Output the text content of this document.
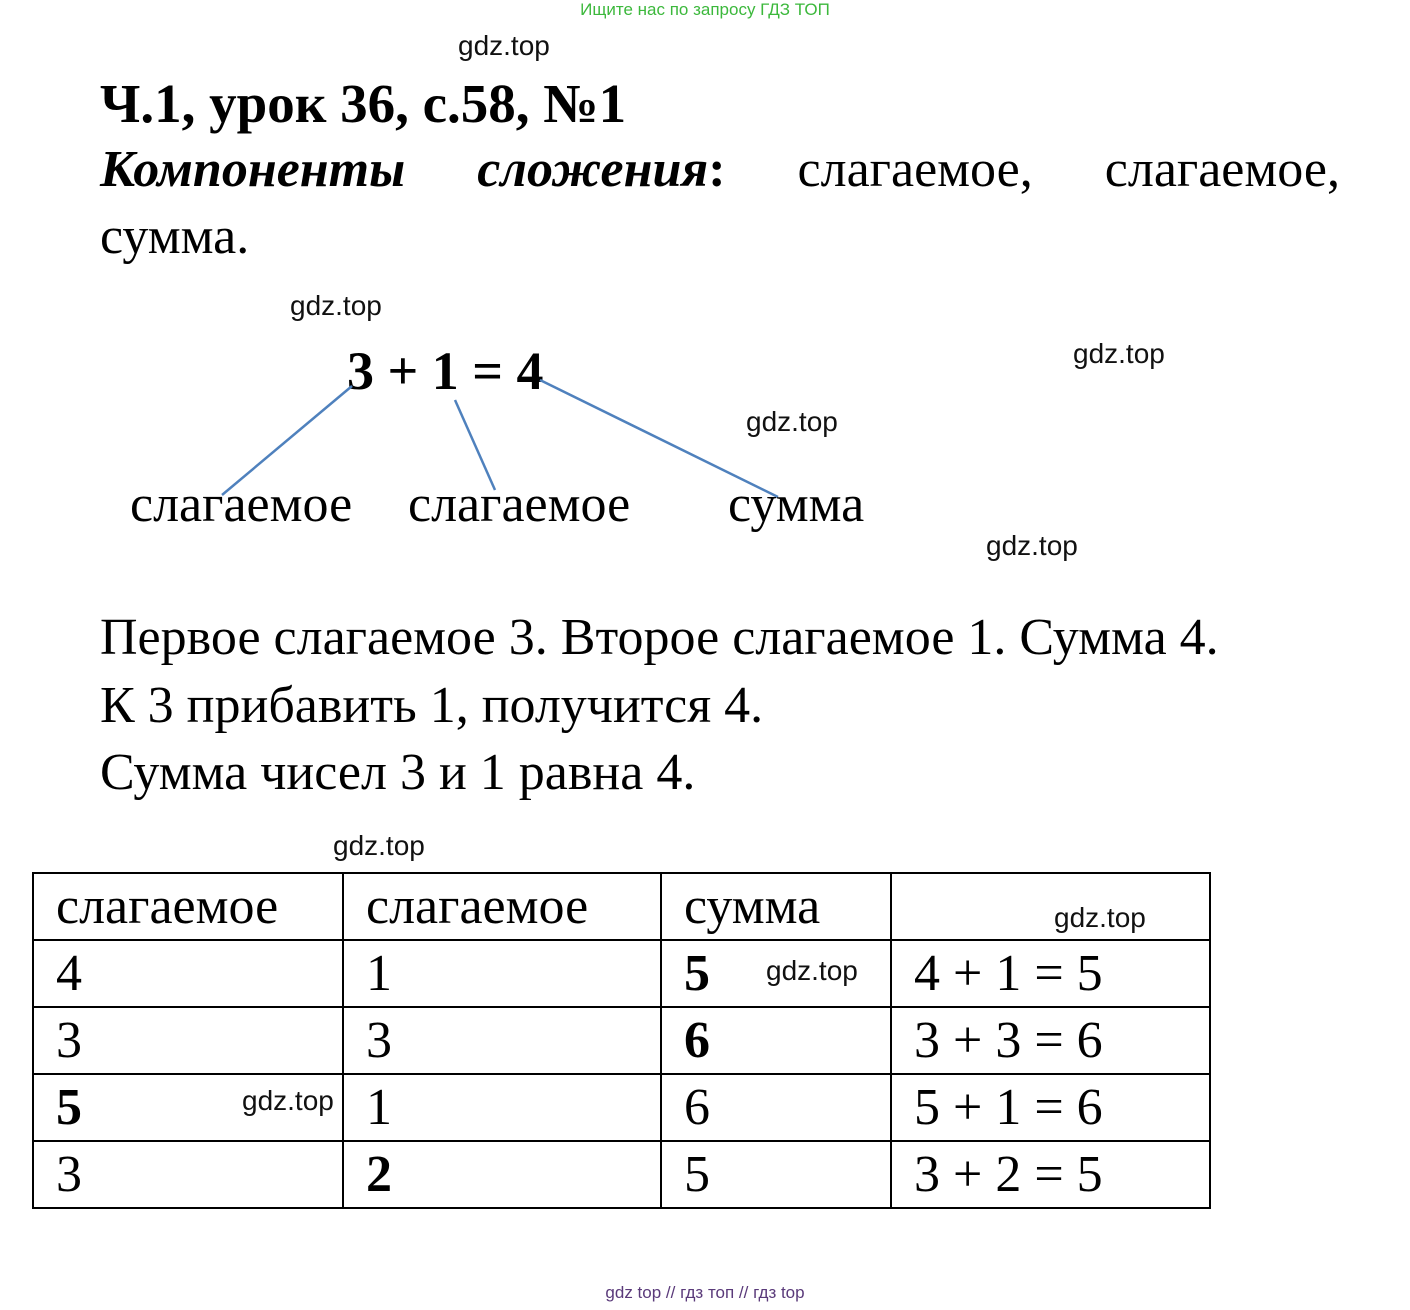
Ищите нас по запросу ГДЗ ТОП
gdz.top
Ч.1, урок 36, с.58, №1
Компоненты сложения: слагаемое, слагаемое,
сумма.
gdz.top
gdz.top
gdz.top
gdz.top
3 + 1 = 4
слагаемое слагаемое сумма
Первое слагаемое 3. Второе слагаемое 1. Сумма 4.
К 3 прибавить 1, получится 4.
Сумма чисел 3 и 1 равна 4.
gdz.top
слагаемое	слагаемое	сумма	gdz.top

4	1	5 gdz.top	4 + 1 = 5
3	3	6	3 + 3 = 6
5 gdz.top	1	6	5 + 1 = 6
3	2	5	3 + 2 = 5
gdz top // гдз топ // гдз top
